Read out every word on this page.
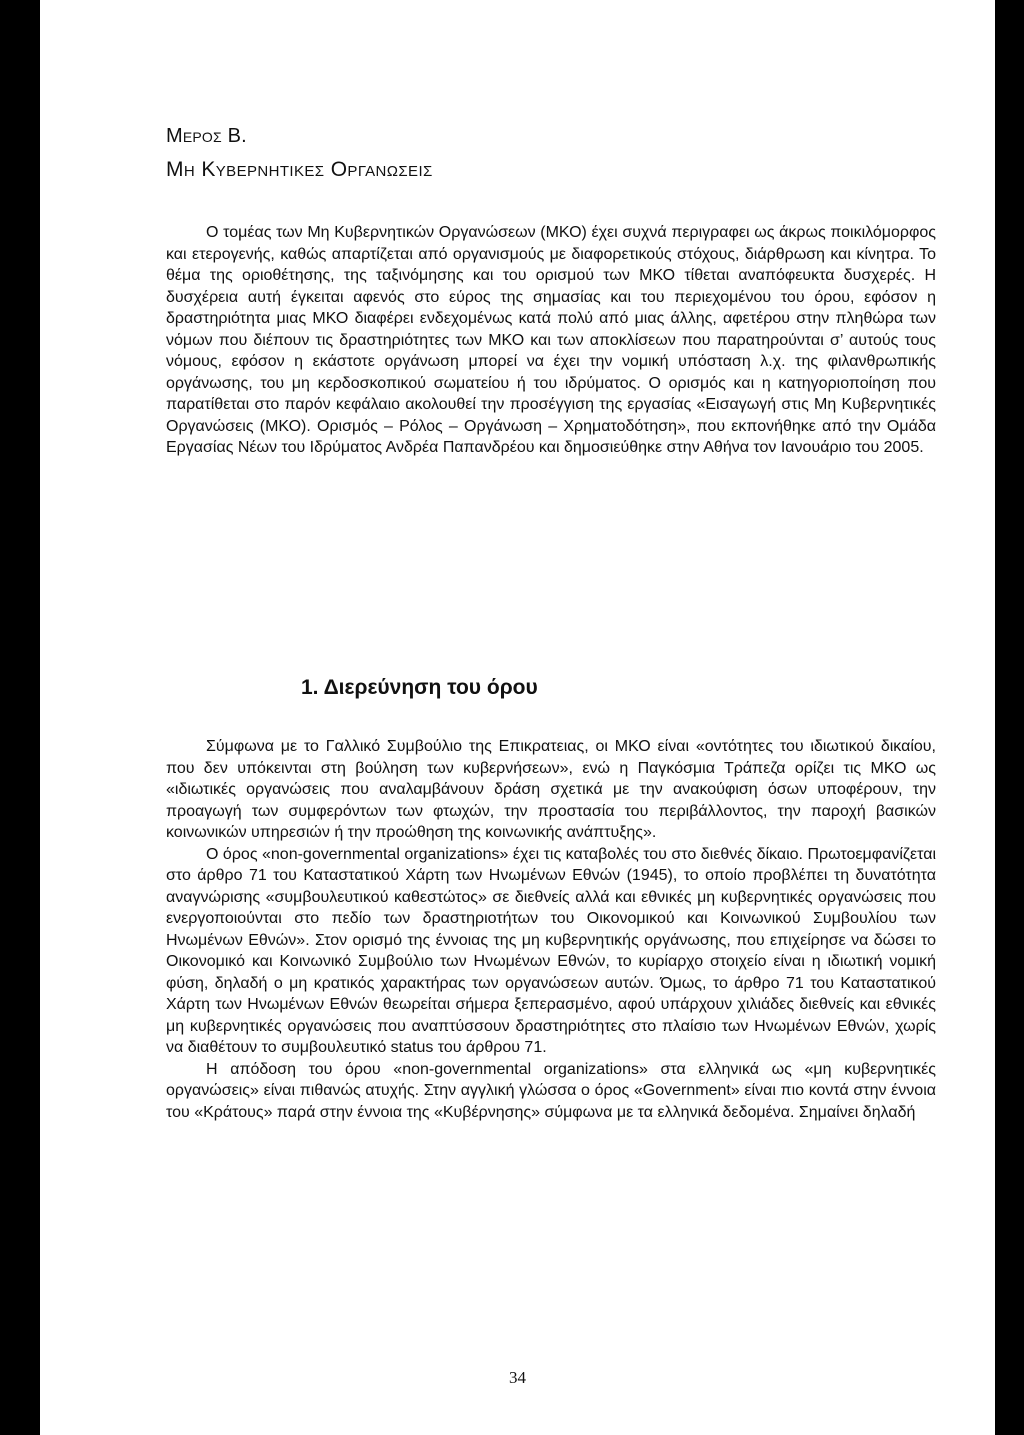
Μερος Β.
Μη Κυβερνητικες Οργανωσεις

Ο τομέας των Μη Κυβερνητικών Οργανώσεων (ΜΚΟ) έχει συχνά περιγραφει ως άκρως ποικιλόμορφος και ετερογενής, καθώς απαρτίζεται από οργανισμούς με διαφορετικούς στόχους, διάρθρωση και κίνητρα. Το θέμα της οριοθέτησης, της ταξινόμησης και του ορισμού των ΜΚΟ τίθεται αναπόφευκτα δυσχερές. Η δυσχέρεια αυτή έγκειται αφενός στο εύρος της σημασίας και του περιεχομένου του όρου, εφόσον η δραστηριότητα μιας ΜΚΟ διαφέρει ενδεχομένως κατά πολύ από μιας άλλης, αφετέρου στην πληθώρα των νόμων που διέπουν τις δραστηριότητες των ΜΚΟ και των αποκλίσεων που παρατηρούνται σ’ αυτούς τους νόμους, εφόσον η εκάστοτε οργάνωση μπορεί να έχει την νομική υπόσταση λ.χ. της φιλανθρωπικής οργάνωσης, του μη κερδοσκοπικού σωματείου ή του ιδρύματος. Ο ορισμός και η κατηγοριοποίηση που παρατίθεται στο παρόν κεφάλαιο ακολουθεί την προσέγγιση της εργασίας «Εισαγωγή στις Μη Κυβερνητικές Οργανώσεις (ΜΚΟ). Ορισμός – Ρόλος – Οργάνωση – Χρηματοδότηση», που εκπονήθηκε από την Ομάδα Εργασίας Νέων του Ιδρύματος Ανδρέα Παπανδρέου και δημοσιεύθηκε στην Αθήνα τον Ιανουάριο του 2005.

1. Διερεύνηση του όρου

Σύμφωνα με το Γαλλικό Συμβούλιο της Επικρατειας, οι ΜΚΟ είναι «οντότητες του ιδιωτικού δικαίου, που δεν υπόκεινται στη βούληση των κυβερνήσεων», ενώ η Παγκόσμια Τράπεζα ορίζει τις ΜΚΟ ως «ιδιωτικές οργανώσεις που αναλαμβάνουν δράση σχετικά με την ανακούφιση όσων υποφέρουν, την προαγωγή των συμφερόντων των φτωχών, την προστασία του περιβάλλοντος, την παροχή βασικών κοινωνικών υπηρεσιών ή την προώθηση της κοινωνικής ανάπτυξης».

Ο όρος «non-governmental organizations» έχει τις καταβολές του στο διεθνές δίκαιο. Πρωτοεμφανίζεται στο άρθρο 71 του Καταστατικού Χάρτη των Ηνωμένων Εθνών (1945), το οποίο προβλέπει τη δυνατότητα αναγνώρισης «συμβουλευτικού καθεστώτος» σε διεθνείς αλλά και εθνικές μη κυβερνητικές οργανώσεις που ενεργοποιούνται στο πεδίο των δραστηριοτήτων του Οικονομικού και Κοινωνικού Συμβουλίου των Ηνωμένων Εθνών». Στον ορισμό της έννοιας της μη κυβερνητικής οργάνωσης, που επιχείρησε να δώσει το Οικονομικό και Κοινωνικό Συμβούλιο των Ηνωμένων Εθνών, το κυρίαρχο στοιχείο είναι η ιδιωτική νομική φύση, δηλαδή ο μη κρατικός χαρακτήρας των οργανώσεων αυτών. Όμως, το άρθρο 71 του Καταστατικού Χάρτη των Ηνωμένων Εθνών θεωρείται σήμερα ξεπερασμένο, αφού υπάρχουν χιλιάδες διεθνείς και εθνικές μη κυβερνητικές οργανώσεις που αναπτύσσουν δραστηριότητες στο πλαίσιο των Ηνωμένων Εθνών, χωρίς να διαθέτουν το συμβουλευτικό status του άρθρου 71.

Η απόδοση του όρου «non-governmental organizations» στα ελληνικά ως «μη κυβερνητικές οργανώσεις» είναι πιθανώς ατυχής. Στην αγγλική γλώσσα ο όρος «Government» είναι πιο κοντά στην έννοια του «Κράτους» παρά στην έννοια της «Κυβέρνησης» σύμφωνα με τα ελληνικά δεδομένα. Σημαίνει δηλαδή

34
